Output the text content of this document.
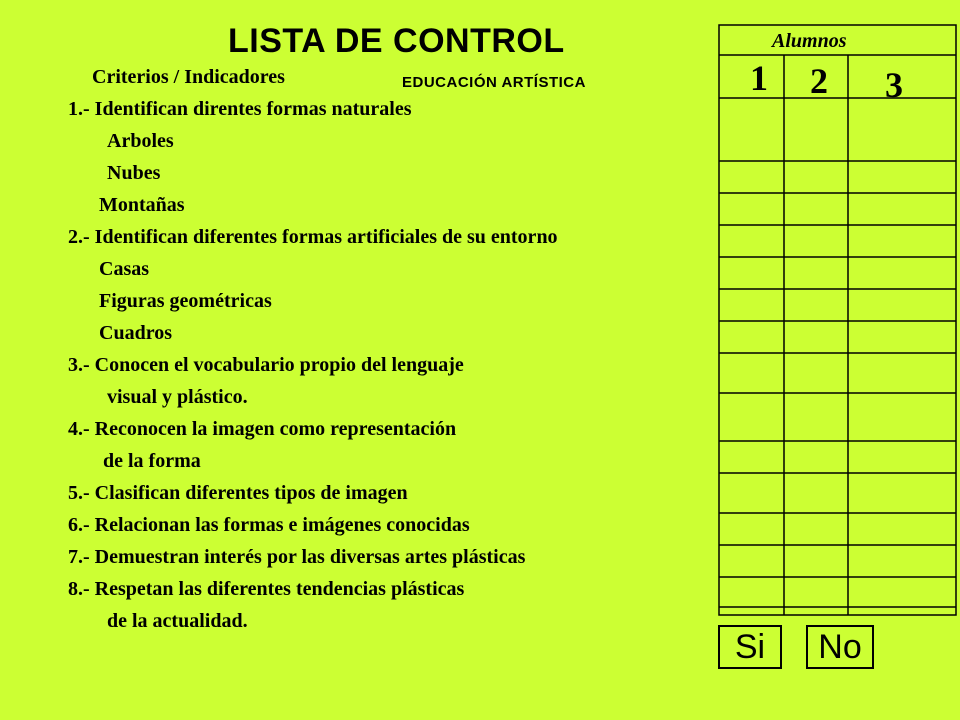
LISTA DE CONTROL
Criterios / Indicadores	EDUCACIÓN ARTÍSTICA
1.- Identifican direntes formas naturales
Arboles
Nubes
Montañas
2.- Identifican diferentes formas artificiales de su entorno
Casas
Figuras geométricas
Cuadros
3.- Conocen el vocabulario propio del lenguaje
visual y plástico.
4.- Reconocen la imagen como representación
de la forma
5.- Clasifican diferentes tipos de imagen
6.- Relacionan las formas e imágenes conocidas
7.- Demuestran interés por las diversas artes plásticas
8.- Respetan las diferentes tendencias plásticas
de la actualidad.
Alumnos
1 2 3
Si No
